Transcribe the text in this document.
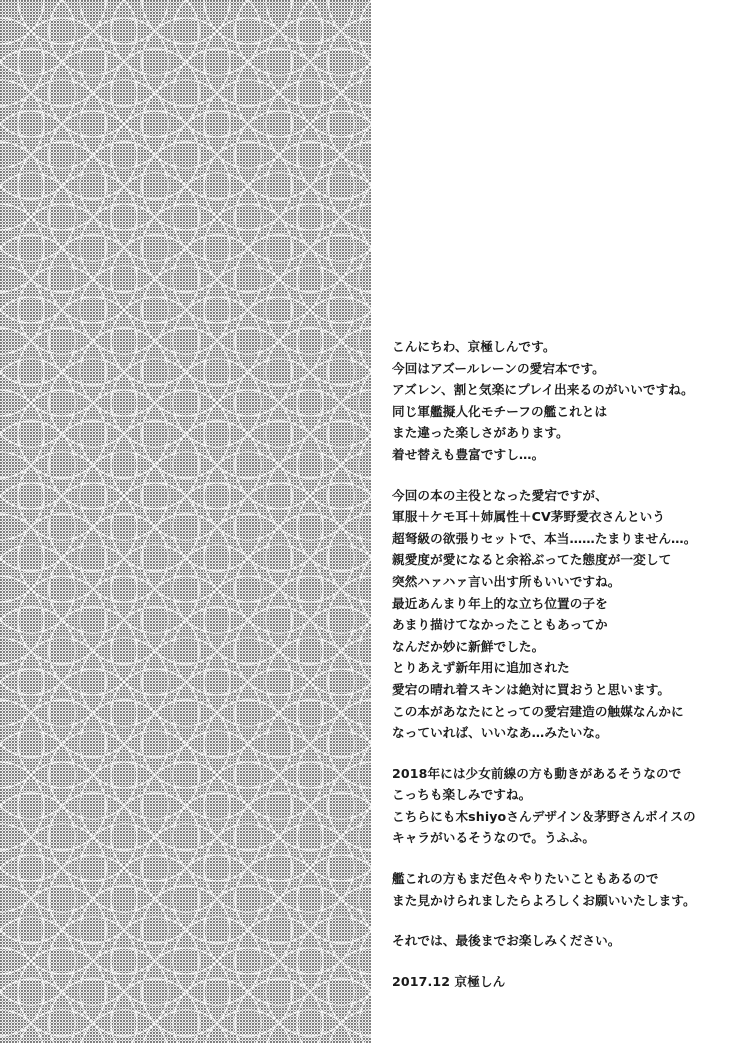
こんにちわ、京極しんです。
今回はアズールレーンの愛宕本です。
アズレン、割と気楽にプレイ出来るのがいいですね。
同じ軍艦擬人化モチーフの艦これとは
また違った楽しさがあります。
着せ替えも豊富ですし…。
今回の本の主役となった愛宕ですが、
軍服＋ケモ耳＋姉属性＋CV茅野愛衣さんという
超弩級の欲張りセットで、本当……たまりません…。
親愛度が愛になると余裕ぶってた態度が一変して
突然ハァハァ言い出す所もいいですね。
最近あんまり年上的な立ち位置の子を
あまり描けてなかったこともあってか
なんだか妙に新鮮でした。
とりあえず新年用に追加された
愛宕の晴れ着スキンは絶対に買おうと思います。
この本があなたにとっての愛宕建造の触媒なんかに
なっていれば、いいなあ…みたいな。
2018年には少女前線の方も動きがあるそうなので
こっちも楽しみですね。
こちらにも木shiyoさんデザイン＆茅野さんボイスの
キャラがいるそうなので。うふふ。
艦これの方もまだ色々やりたいこともあるので
また見かけられましたらよろしくお願いいたします。
それでは、最後までお楽しみください。
2017.12 京極しん
